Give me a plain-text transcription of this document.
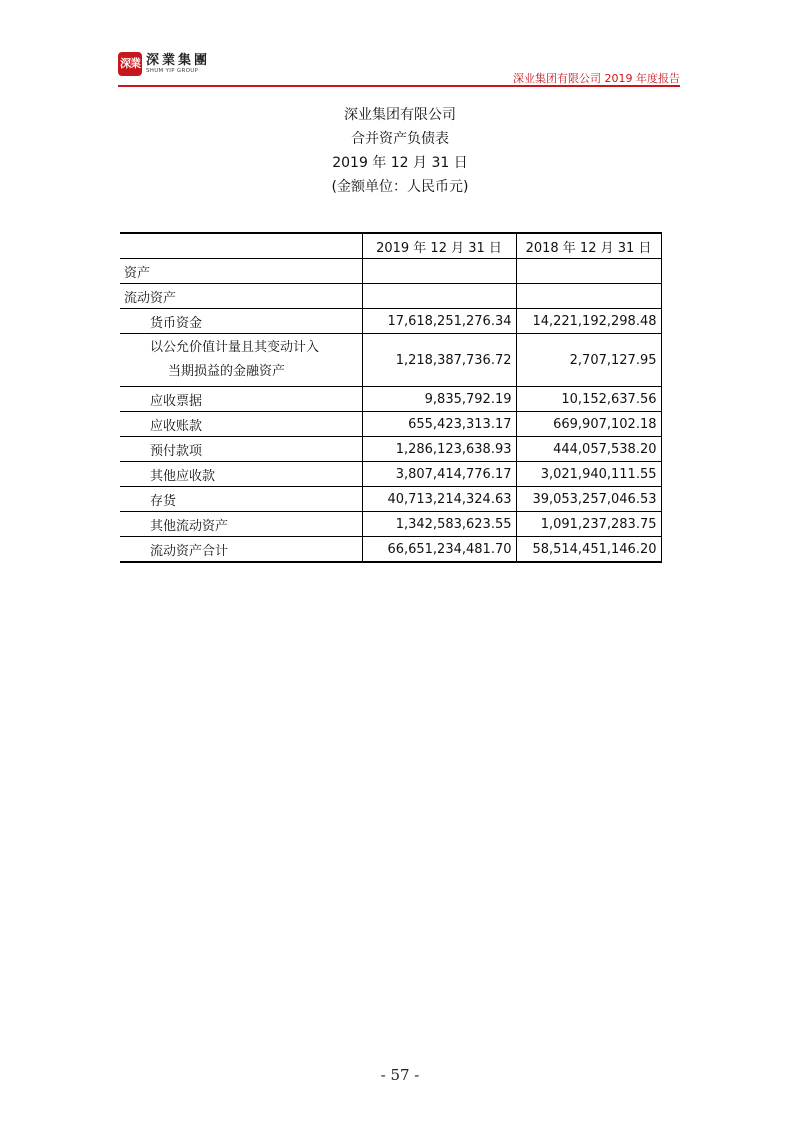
深業 深業集團
SHUM YIP GROUP
深业集团有限公司 2019 年度报告
深业集团有限公司
合并资产负债表
2019 年 12 月 31 日
(金额单位：人民币元)
	2019 年 12 月 31 日	2018 年 12 月 31 日
资产		
流动资产		
货币资金	17,618,251,276.34	14,221,192,298.48

以公允价值计量且其变动计入
当期损益的金融资产	1,218,387,736.72	2,707,127.95
应收票据	9,835,792.19	10,152,637.56
应收账款	655,423,313.17	669,907,102.18
预付款项	1,286,123,638.93	444,057,538.20
其他应收款	3,807,414,776.17	3,021,940,111.55
存货	40,713,214,324.63	39,053,257,046.53
其他流动资产	1,342,583,623.55	1,091,237,283.75
流动资产合计	66,651,234,481.70	58,514,451,146.20
- 57 -
